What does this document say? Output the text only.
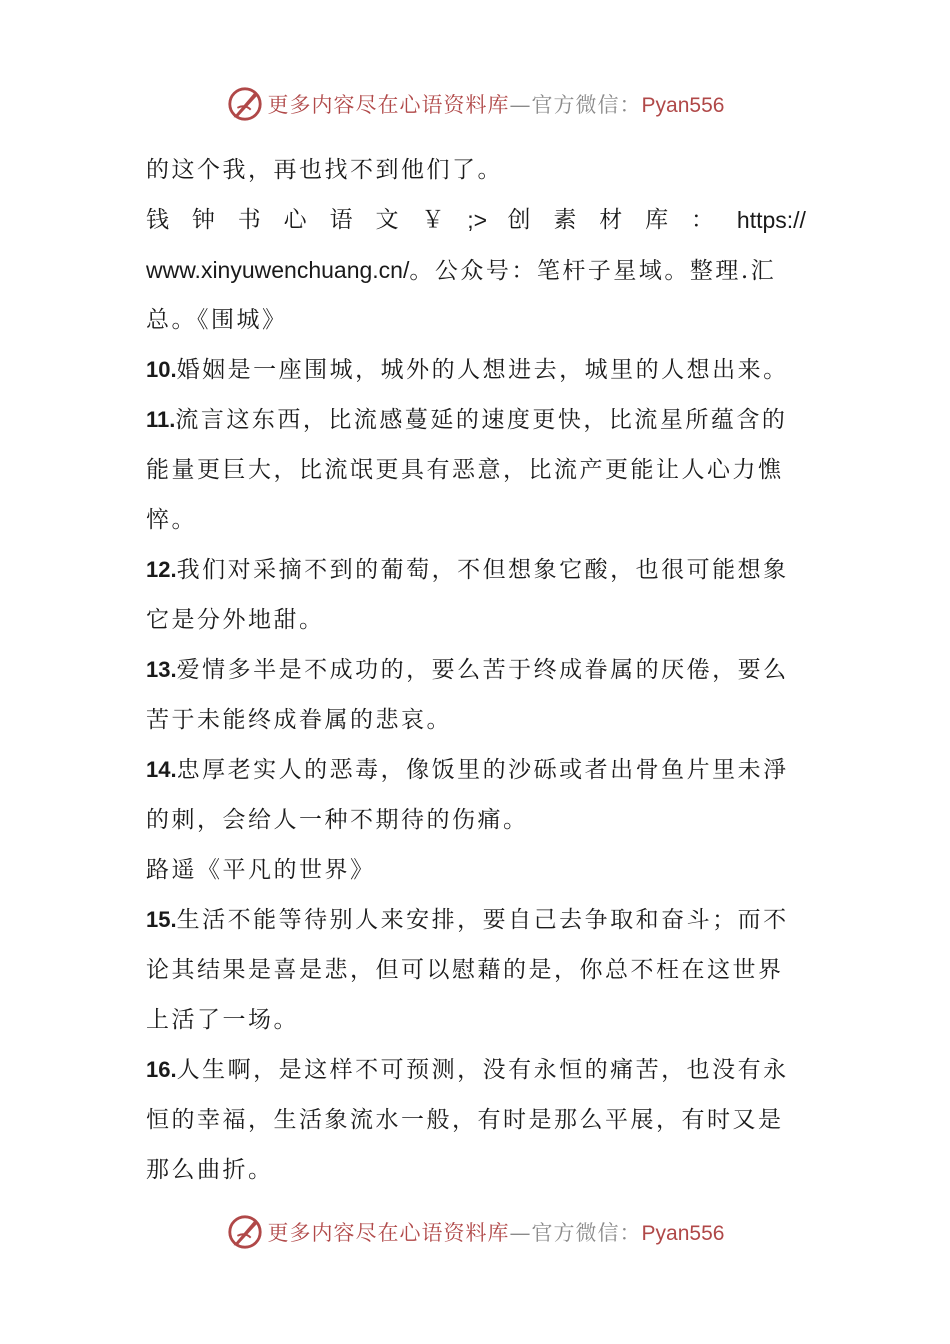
更多内容尽在心语资料库—官方微信：Pyan556
的这个我，再也找不到他们了。
钱 钟 书 心 语 文 ￥ ;> 创 素 材 库 ： https://
www.xinyuwenchuang.cn/。公众号：笔杆子星域。整理.汇
总。《围城》
10.婚姻是一座围城，城外的人想进去，城里的人想出来。
11.流言这东西，比流感蔓延的速度更快，比流星所蕴含的
能量更巨大，比流氓更具有恶意，比流产更能让人心力憔
悴。
12.我们对采摘不到的葡萄，不但想象它酸，也很可能想象
它是分外地甜。
13.爱情多半是不成功的，要么苦于终成眷属的厌倦，要么
苦于未能终成眷属的悲哀。
14.忠厚老实人的恶毒，像饭里的沙砾或者出骨鱼片里未淨
的刺，会给人一种不期待的伤痛。
路遥《平凡的世界》
15.生活不能等待别人来安排，要自己去争取和奋斗；而不
论其结果是喜是悲，但可以慰藉的是，你总不枉在这世界
上活了一场。
16.人生啊，是这样不可预测，没有永恒的痛苦，也没有永
恒的幸福，生活象流水一般，有时是那么平展，有时又是
那么曲折。
更多内容尽在心语资料库—官方微信：Pyan556
